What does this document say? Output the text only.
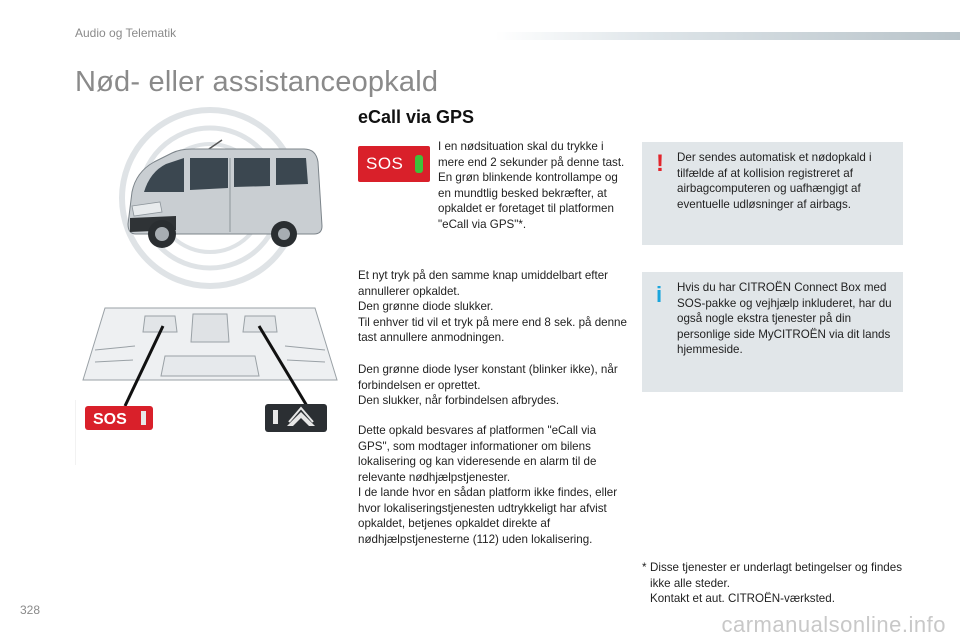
Audio og Telematik
Nød- eller assistanceopkald
eCall via GPS
SOS
SOS
I en nødsituation skal du trykke i mere end 2 sekunder på denne tast.
En grøn blinkende kontrollampe og en mundtlig besked bekræfter, at opkaldet er foretaget til platformen "eCall via GPS"*.
Et nyt tryk på den samme knap umiddelbart efter annullerer opkaldet.
Den grønne diode slukker.
Til enhver tid vil et tryk på mere end 8 sek. på denne tast annullere anmodningen.
Den grønne diode lyser konstant (blinker ikke), når forbindelsen er oprettet.
Den slukker, når forbindelsen afbrydes.
Dette opkald besvares af platformen "eCall via GPS", som modtager informationer om bilens lokalisering og kan videresende en alarm til de relevante nødhjælpstjenester.
I de lande hvor en sådan platform ikke findes, eller hvor lokaliseringstjenesten udtrykkeligt har afvist opkaldet, betjenes opkaldet direkte af nødhjælpstjenesterne (112) uden lokalisering.
! Der sendes automatisk et nødopkald i tilfælde af at kollision registreret af airbagcomputeren og uafhængigt af eventuelle udløsninger af airbags.
i Hvis du har CITROËN Connect Box med SOS-pakke og vejhjælp inkluderet, har du også nogle ekstra tjenester på din personlige side MyCITROËN via dit lands hjemmeside.
* Disse tjenester er underlagt betingelser og findes ikke alle steder.
Kontakt et aut. CITROËN-værksted.
328
carmanualsonline.info
